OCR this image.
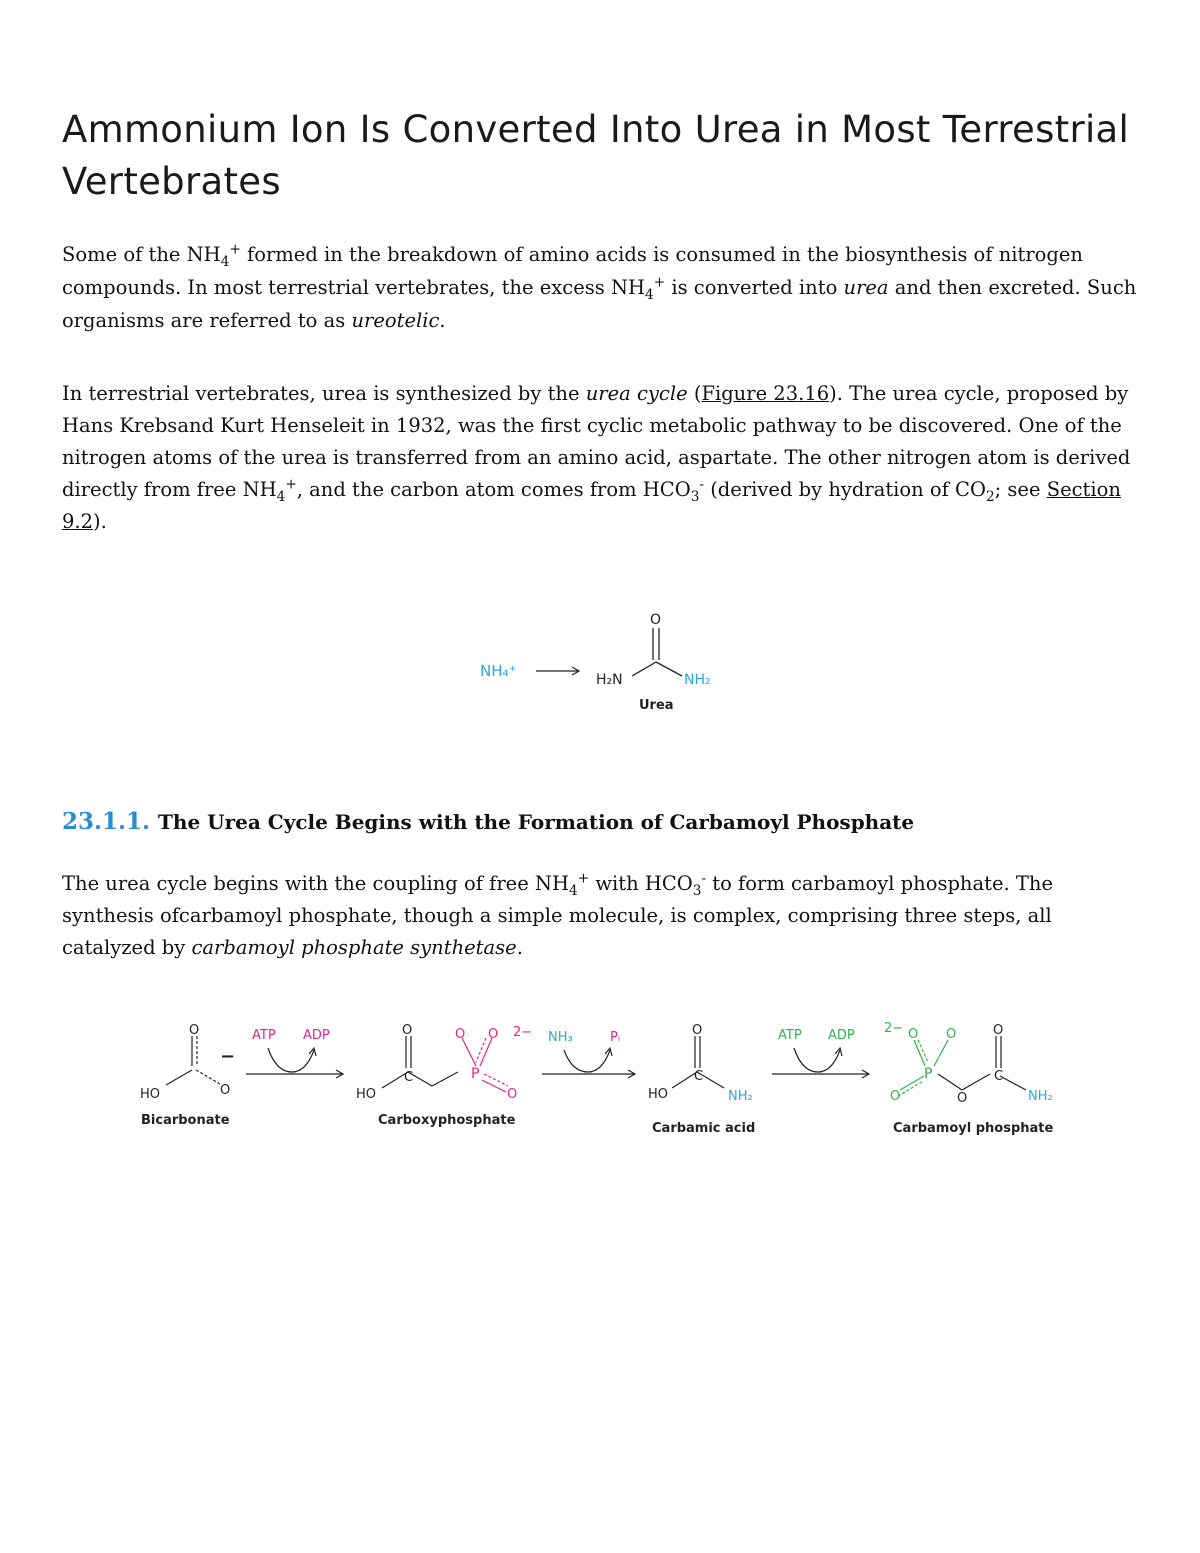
Ammonium Ion Is Converted Into Urea in Most Terrestrial Vertebrates

Some of the $NH_4^+$ formed in the breakdown of amino acids is consumed in the biosynthesis of nitrogen compounds. In most terrestrial vertebrates, the excess $NH_4^+$ is converted into urea and then excreted. Such organisms are referred to as ureotelic.

In terrestrial vertebrates, urea is synthesized by the urea cycle (Figure 23.16). The urea cycle, proposed by Hans Krebsand Kurt Henseleit in 1932, was the first cyclic metabolic pathway to be discovered. One of the nitrogen atoms of the urea is transferred from an amino acid, aspartate. The other nitrogen atom is derived directly from free $NH_4^+$, and the carbon atom comes from $HCO_3^-$ (derived by hydration of $CO_2$; see Section 9.2).

NH₄⁺
O
H₂N	NH₂
Urea
23.1.1. The Urea Cycle Begins with the Formation of Carbamoyl Phosphate

The urea cycle begins with the coupling of free $NH_4^+$ with $HCO_3^-$ to form carbamoyl phosphate. The synthesis ofcarbamoyl phosphate, though a simple molecule, is complex, comprising three steps, all catalyzed by carbamoyl phosphate synthetase.

O
−
O
HO
Bicarbonate
ATP ADP	O
C
HO
O O 2−
P
O
Carboxyphosphate
NH₃	Pᵢ	O
C
HO	NH₂
Carbamic acid
ATP ADP 2− O O
P
O	O
O
C
NH₂
Carbamoyl phosphate
